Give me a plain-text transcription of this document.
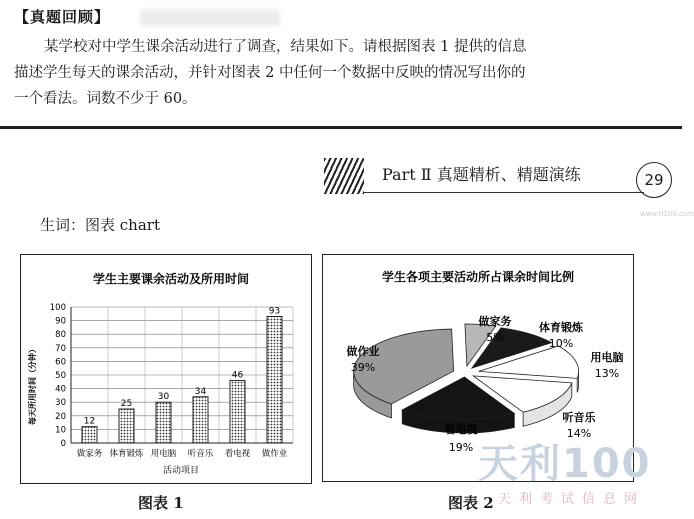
【真题回顾】

某学校对中学生课余活动进行了调查，结果如下。请根据图表 1 提供的信息

描述学生每天的课余活动，并针对图表 2 中任何一个数据中反映的情况写出你的

一个看法。词数不少于 60。

Part Ⅱ 真题精析、精题演练	29
www.tl100.com
生词：图表 chart
学生主要课余活动及所用时间
每天所用时间（分钟）
活动项目
0
10
20
30
40
50
60
70
80
90
100
12
25
30
34
46
93
做家务 体育锻炼 用电脑 听音乐 看电视 做作业
图表 1
学生各项主要活动所占课余时间比例
做家务
5%
体育锻炼
10%
用电脑
13%
听音乐
14%
看电视
19%
做作业
39%
图表 2
天利100
天利考试信息网
